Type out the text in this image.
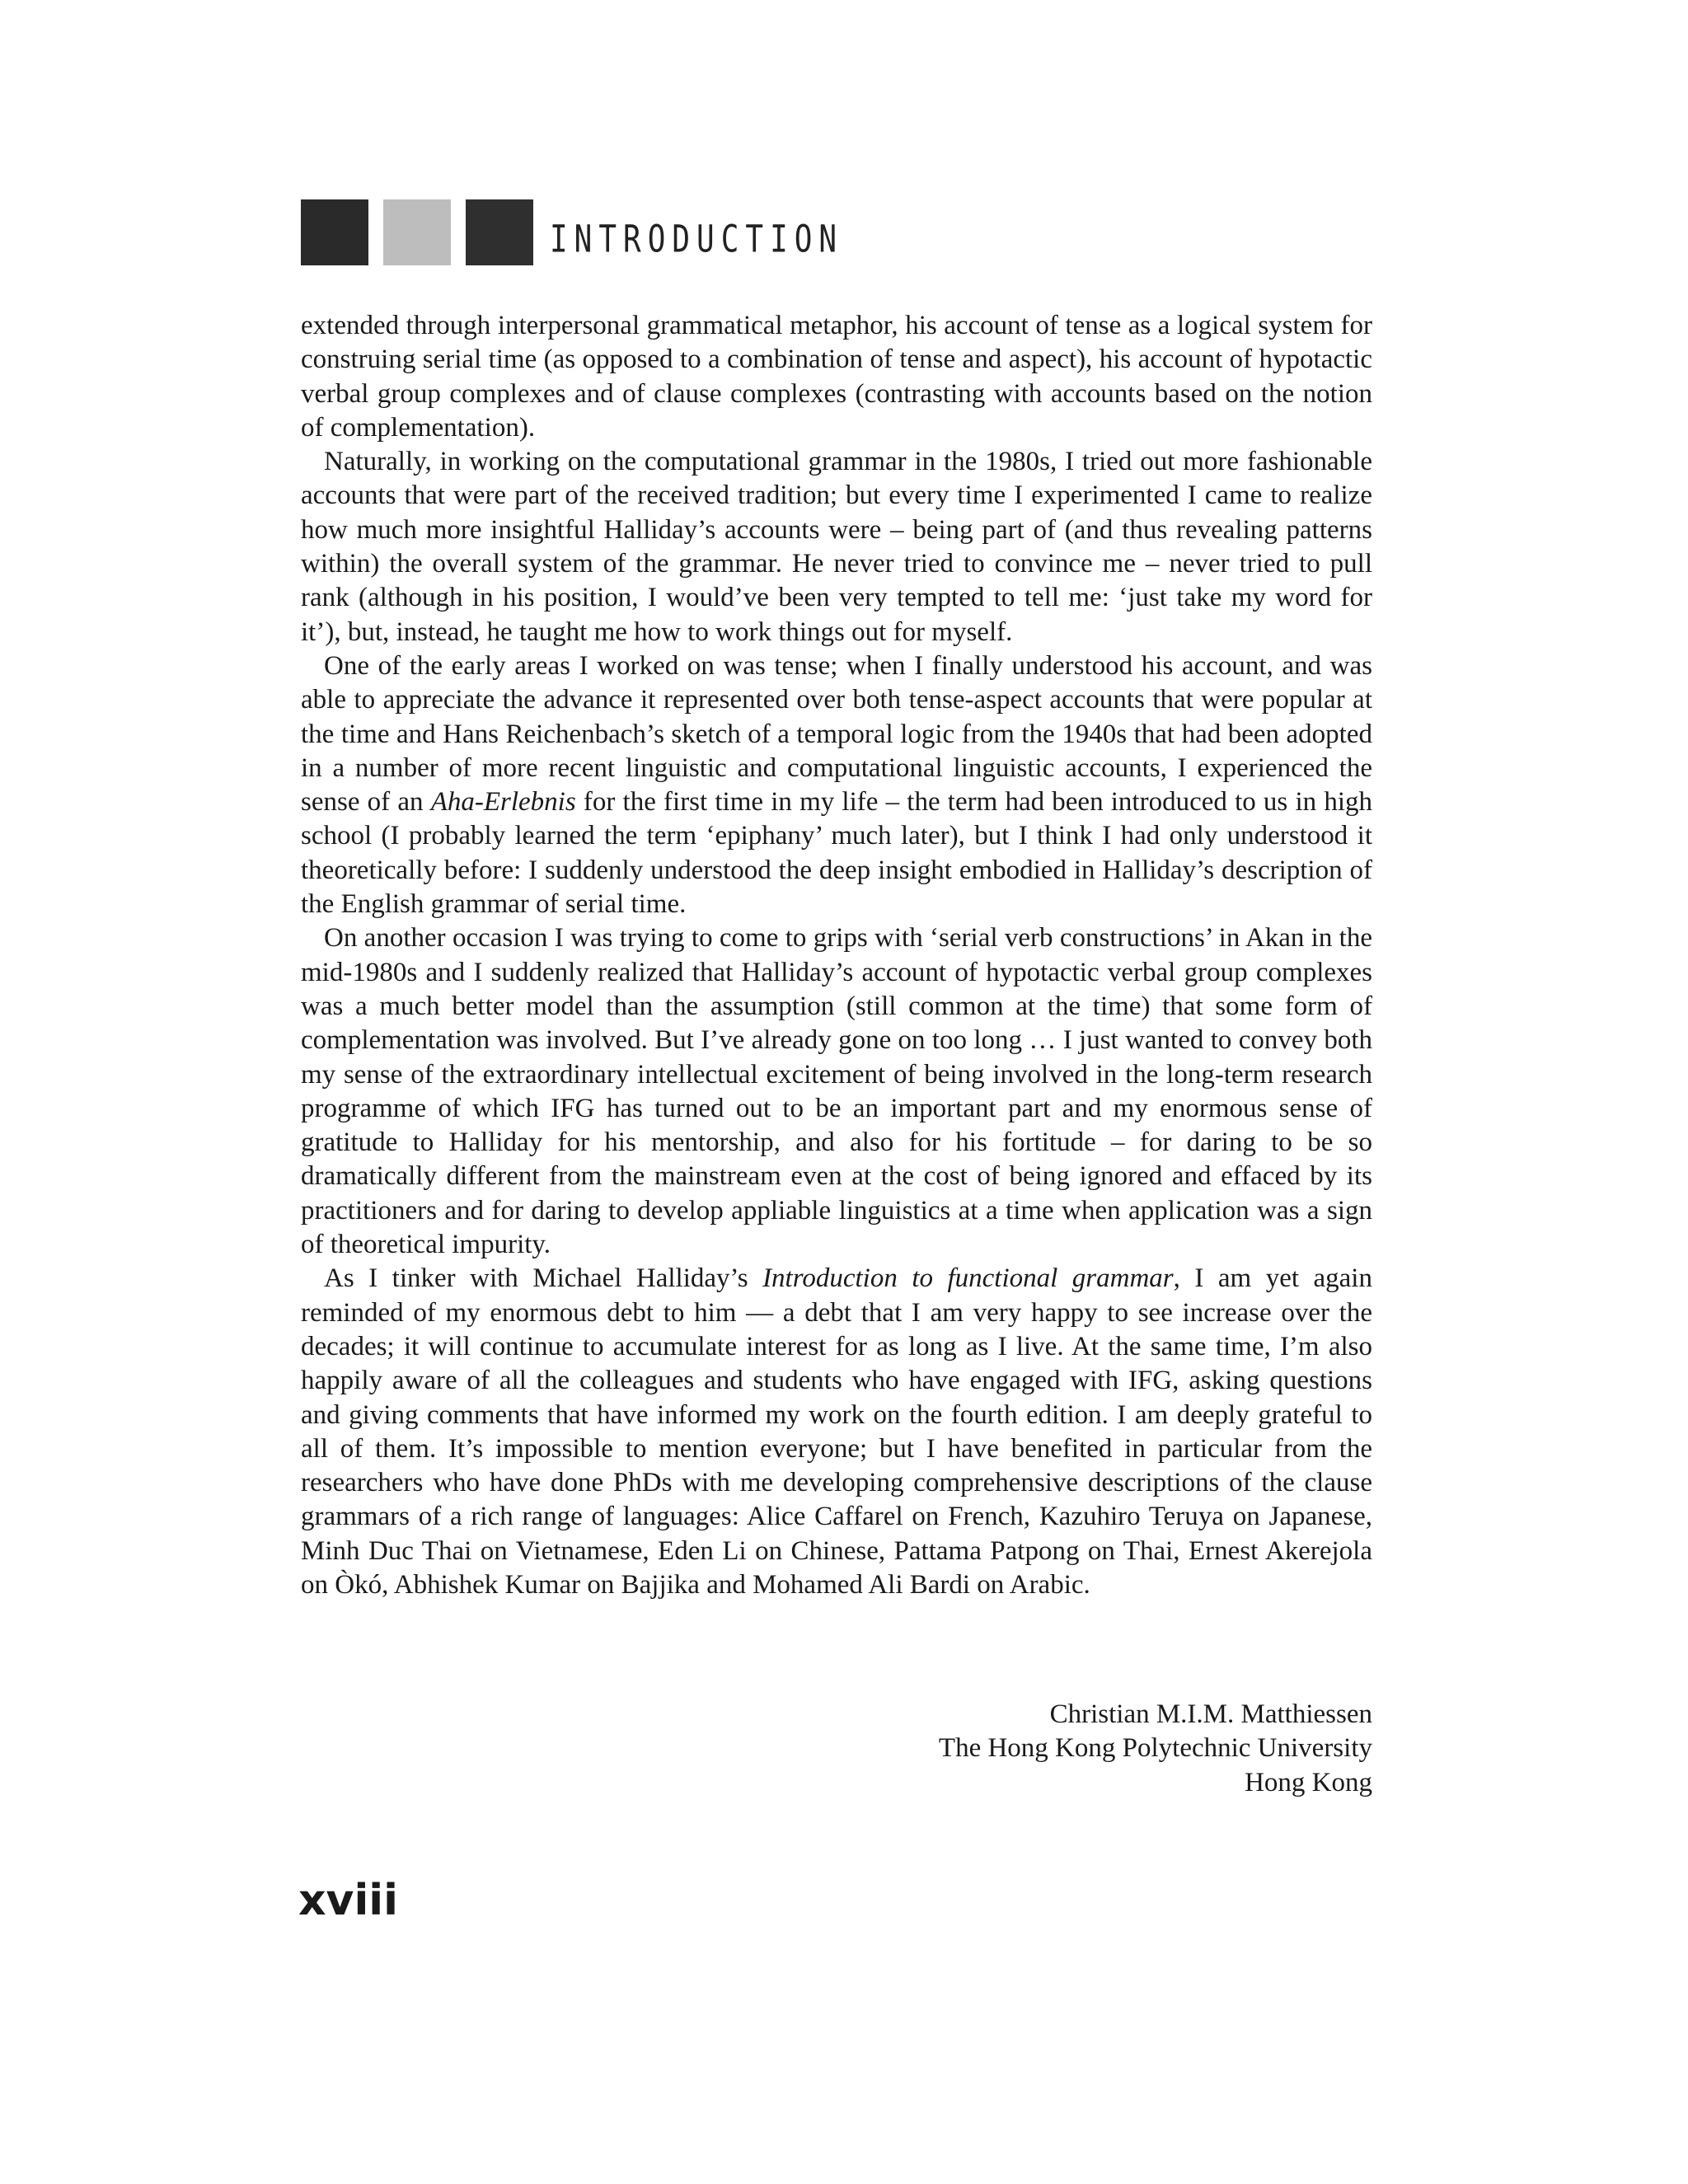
INTRODUCTION

extended through interpersonal grammatical metaphor, his account of tense as a logical system for construing serial time (as opposed to a combination of tense and aspect), his account of hypotactic verbal group complexes and of clause complexes (contrasting with accounts based on the notion of complementation).

Naturally, in working on the computational grammar in the 1980s, I tried out more fashionable accounts that were part of the received tradition; but every time I experimented I came to realize how much more insightful Halliday’s accounts were – being part of (and thus revealing patterns within) the overall system of the grammar. He never tried to convince me – never tried to pull rank (although in his position, I would’ve been very tempted to tell me: ‘just take my word for it’), but, instead, he taught me how to work things out for myself.

One of the early areas I worked on was tense; when I finally understood his account, and was able to appreciate the advance it represented over both tense-aspect accounts that were popular at the time and Hans Reichenbach’s sketch of a temporal logic from the 1940s that had been adopted in a number of more recent linguistic and computational linguistic accounts, I experienced the sense of an Aha-Erlebnis for the first time in my life – the term had been introduced to us in high school (I probably learned the term ‘epiphany’ much later), but I think I had only understood it theoretically before: I suddenly understood the deep insight embodied in Halliday’s description of the English grammar of serial time.

On another occasion I was trying to come to grips with ‘serial verb constructions’ in Akan in the mid-1980s and I suddenly realized that Halliday’s account of hypotactic verbal group complexes was a much better model than the assumption (still common at the time) that some form of complementation was involved. But I’ve already gone on too long … I just wanted to convey both my sense of the extraordinary intellectual excitement of being involved in the long-term research programme of which IFG has turned out to be an important part and my enormous sense of gratitude to Halliday for his mentorship, and also for his fortitude – for daring to be so dramatically different from the mainstream even at the cost of being ignored and effaced by its practitioners and for daring to develop appliable linguistics at a time when application was a sign of theoretical impurity.

As I tinker with Michael Halliday’s Introduction to functional grammar, I am yet again reminded of my enormous debt to him — a debt that I am very happy to see increase over the decades; it will continue to accumulate interest for as long as I live. At the same time, I’m also happily aware of all the colleagues and students who have engaged with IFG, asking questions and giving comments that have informed my work on the fourth edition. I am deeply grateful to all of them. It’s impossible to mention everyone; but I have benefited in particular from the researchers who have done PhDs with me developing comprehensive descriptions of the clause grammars of a rich range of languages: Alice Caffarel on French, Kazuhiro Teruya on Japanese, Minh Duc Thai on Vietnamese, Eden Li on Chinese, Pattama Patpong on Thai, Ernest Akerejola on Òkó, Abhishek Kumar on Bajjika and Mohamed Ali Bardi on Arabic.

Christian M.I.M. Matthiessen
The Hong Kong Polytechnic University
Hong Kong
xviii
